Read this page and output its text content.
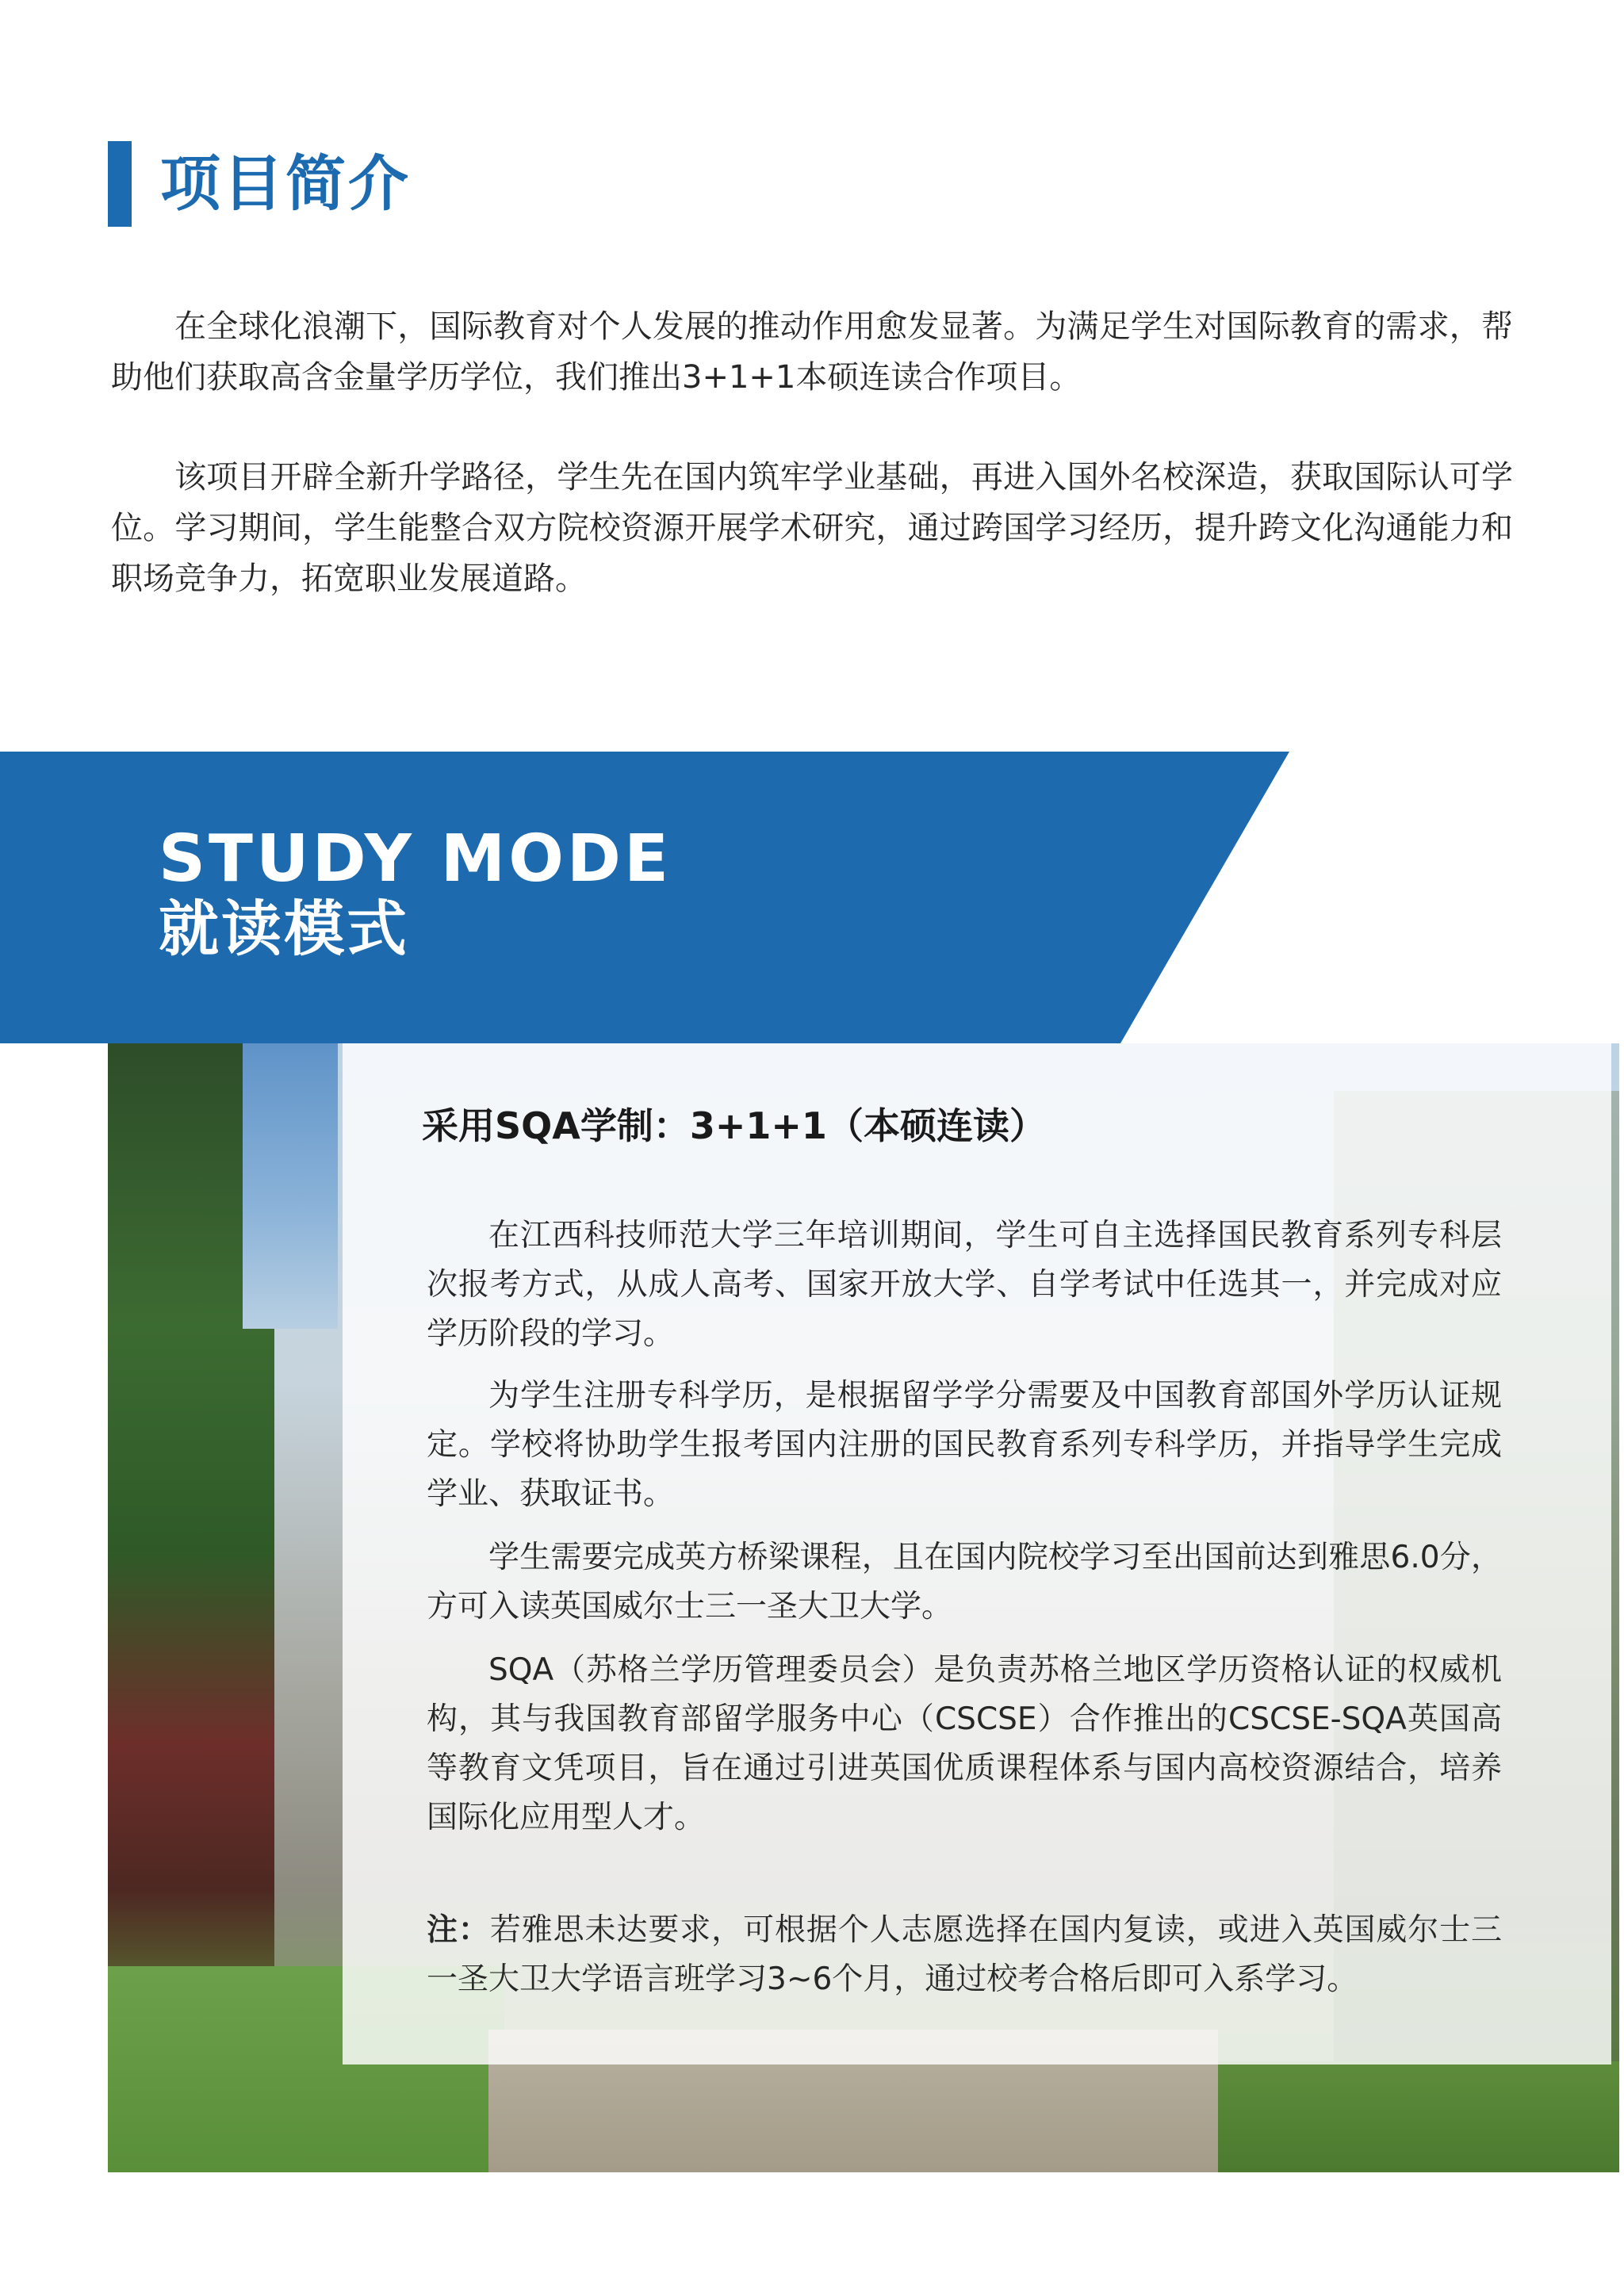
项目简介

在全球化浪潮下，国际教育对个人发展的推动作用愈发显著。为满足学生对国际教育的需求，帮助他们获取高含金量学历学位，我们推出3+1+1本硕连读合作项目。

该项目开辟全新升学路径，学生先在国内筑牢学业基础，再进入国外名校深造，获取国际认可学位。学习期间，学生能整合双方院校资源开展学术研究，通过跨国学习经历，提升跨文化沟通能力和职场竞争力，拓宽职业发展道路。

STUDY MODE
就读模式
采用SQA学制：3+1+1（本硕连读）

在江西科技师范大学三年培训期间，学生可自主选择国民教育系列专科层次报考方式，从成人高考、国家开放大学、自学考试中任选其一，并完成对应学历阶段的学习。

为学生注册专科学历，是根据留学学分需要及中国教育部国外学历认证规定。学校将协助学生报考国内注册的国民教育系列专科学历，并指导学生完成学业、获取证书。

学生需要完成英方桥梁课程，且在国内院校学习至出国前达到雅思6.0分，方可入读英国威尔士三一圣大卫大学。

SQA（苏格兰学历管理委员会）是负责苏格兰地区学历资格认证的权威机构，其与我国教育部留学服务中心（CSCSE）合作推出的CSCSE-SQA英国高等教育文凭项目，旨在通过引进英国优质课程体系与国内高校资源结合，培养国际化应用型人才。

注：若雅思未达要求，可根据个人志愿选择在国内复读，或进入英国威尔士三一圣大卫大学语言班学习3~6个月，通过校考合格后即可入系学习。
